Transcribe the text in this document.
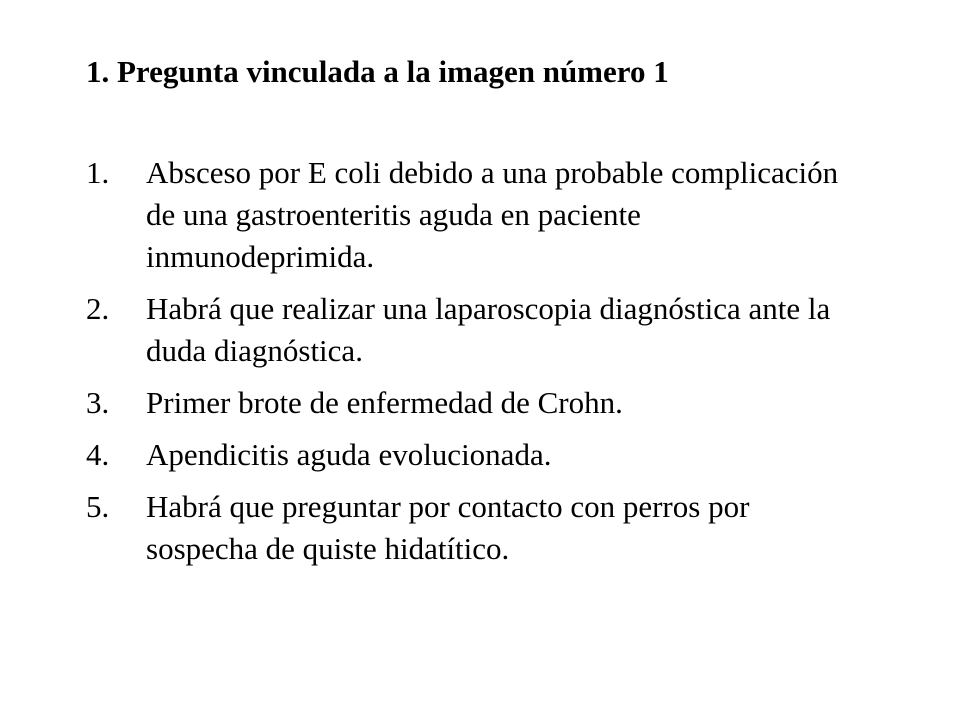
1. Pregunta vinculada a la imagen número 1
1. Absceso por E coli debido a una probable complicación de una gastroenteritis aguda en paciente inmunodeprimida.
2. Habrá que realizar una laparoscopia diagnóstica ante la duda diagnóstica.
3. Primer brote de enfermedad de Crohn.
4. Apendicitis aguda evolucionada.
5. Habrá que preguntar por contacto con perros por sospecha de quiste hidatítico.
